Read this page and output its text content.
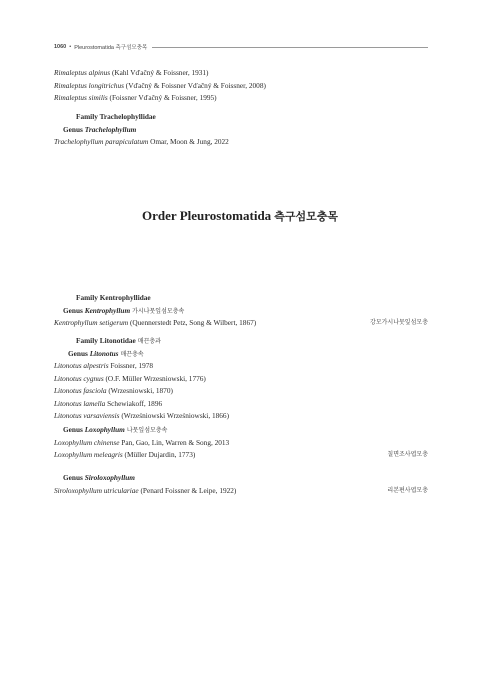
1060 • Pleurostomatida 측구섬모충목
Rimaleptus alpinus (Kahl Vďačný & Foissner, 1931)
Rimaleptus longitrichus (Vďačný & Foissner Vďačný & Foissner, 2008)
Rimaleptus similis (Foissner Vďačný & Foissner, 1995)
Family Trachelophyllidae
Genus Trachelophyllum
Trachelophyllum parapiculatum Omar, Moon & Jung, 2022
Order Pleurostomatida 측구섬모충목
Family Kentrophyllidae
Genus Kentrophyllum 가시나뭇잎섬모충속
Kentrophyllum setigerum (Quennerstedt Petz, Song & Wilbert, 1867)	강모가시나뭇잎섬모충
Family Litonotidae 매끈충과
Genus Litonotus 매끈충속
Litonotus alpestris Foissner, 1978
Litonotus cygnus (O.F. Müller Wrzesniowski, 1776)
Litonotus fasciola (Wrzesniowski, 1870)
Litonotus lamella Schewiakoff, 1896
Litonotus varsaviensis (Wrześniowski Wrześniowski, 1866)
Genus Loxophyllum 나뭇잎섬모충속
Loxophyllum chinense Pan, Gao, Lin, Warren & Song, 2013
Loxophyllum meleagris (Müller Dujardin, 1773)	칠면조사엽모충
Genus Siroloxophyllum
Siroloxophyllum utriculariae (Penard Foissner & Leipe, 1922)	리본편사엽모충
